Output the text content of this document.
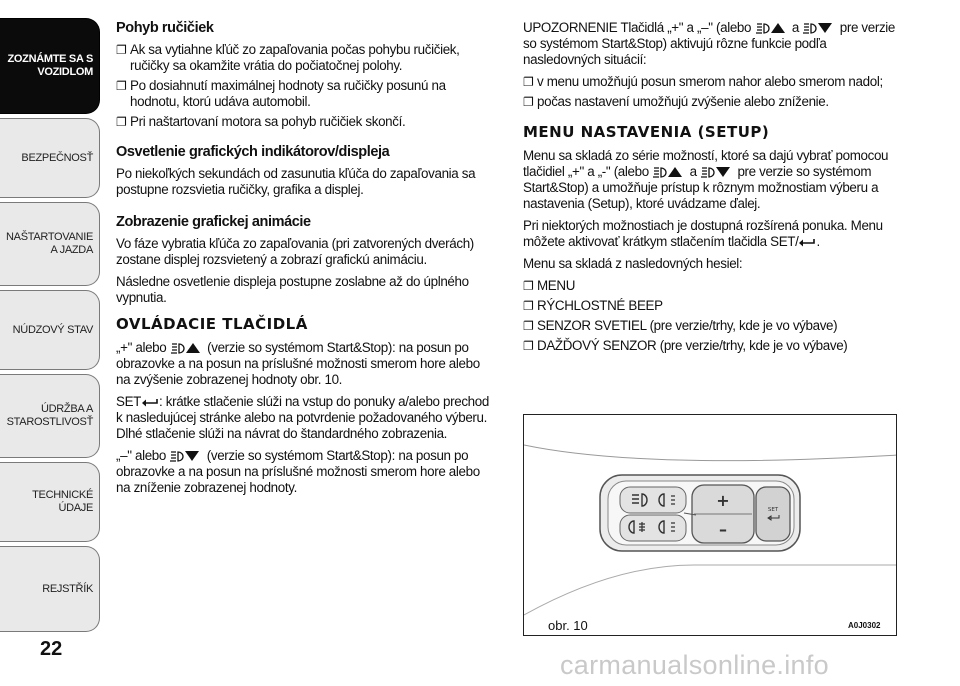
ZOZNÁMTE SA S VOZIDLOM
BEZPEČNOSŤ
NAŠTARTOVANIE A JAZDA
NÚDZOVÝ STAV
ÚDRŽBA A STAROSTLIVOSŤ
TECHNICKÉ ÚDAJE
REJSTŘÍK
22
Pohyb ručičiek
❐ Ak sa vytiahne kľúč zo zapaľovania počas pohybu ručičiek, ručičky sa okamžite vrátia do počiatočnej polohy.
❐ Po dosiahnutí maximálnej hodnoty sa ručičky posunú na hodnotu, ktorú udáva automobil.
❐ Pri naštartovaní motora sa pohyb ručičiek skončí.
Osvetlenie grafických indikátorov/displeja

Po niekoľkých sekundách od zasunutia kľúča do zapaľovania sa postupne rozsvietia ručičky, grafika a displej.

Zobrazenie grafickej animácie

Vo fáze vybratia kľúča zo zapaľovania (pri zatvorených dverách) zostane displej rozsvietený a zobrazí grafickú animáciu.

Následne osvetlenie displeja postupne zoslabne až do úplného vypnutia.

OVLÁDACIE TLAČIDLÁ

„+" alebo	(verzie so systémom Start&Stop): na posun po obrazovke a na posun na príslušné možnosti smerom hore alebo na zvýšenie zobrazenej hodnoty obr. 10.

SET : krátke stlačenie slúži na vstup do ponuky a/alebo prechod k nasledujúcej stránke alebo na potvrdenie požadovaného výberu. Dlhé stlačenie slúži na návrat do štandardného zobrazenia.

„–" alebo	(verzie so systémom Start&Stop): na posun po obrazovke a na posun na príslušné možnosti smerom hore alebo na zníženie zobrazenej hodnoty.

UPOZORNENIE Tlačidlá „+" a „–" (alebo	a	pre verzie so systémom Start&Stop) aktivujú rôzne funkcie podľa nasledovných situácií:

❐ v menu umožňujú posun smerom nahor alebo smerom nadol;
❐ počas nastavení umožňujú zvýšenie alebo zníženie.
MENU NASTAVENIA (SETUP)

Menu sa skladá zo série možností, ktoré sa dajú vybrať pomocou tlačidiel „+" a „-" (alebo	a	pre verzie so systémom Start&Stop) a umožňuje prístup k rôznym možnostiam výberu a nastavenia (Setup), ktoré uvádzame ďalej.

Pri niektorých možnostiach je dostupná rozšírená ponuka. Menu môžete aktivovať krátkym stlačením tlačidla SET/ .

Menu sa skladá z nasledovných hesiel:

❐ MENU
❐ RÝCHLOSTNÉ BEEP
❐ SENZOR SVETIEL (pre verzie/trhy, kde je vo výbave)
❐ DAŽĎOVÝ SENZOR (pre verzie/trhy, kde je vo výbave)
+
–
SET
obr. 10	A0J0302
carmanualsonline.info
